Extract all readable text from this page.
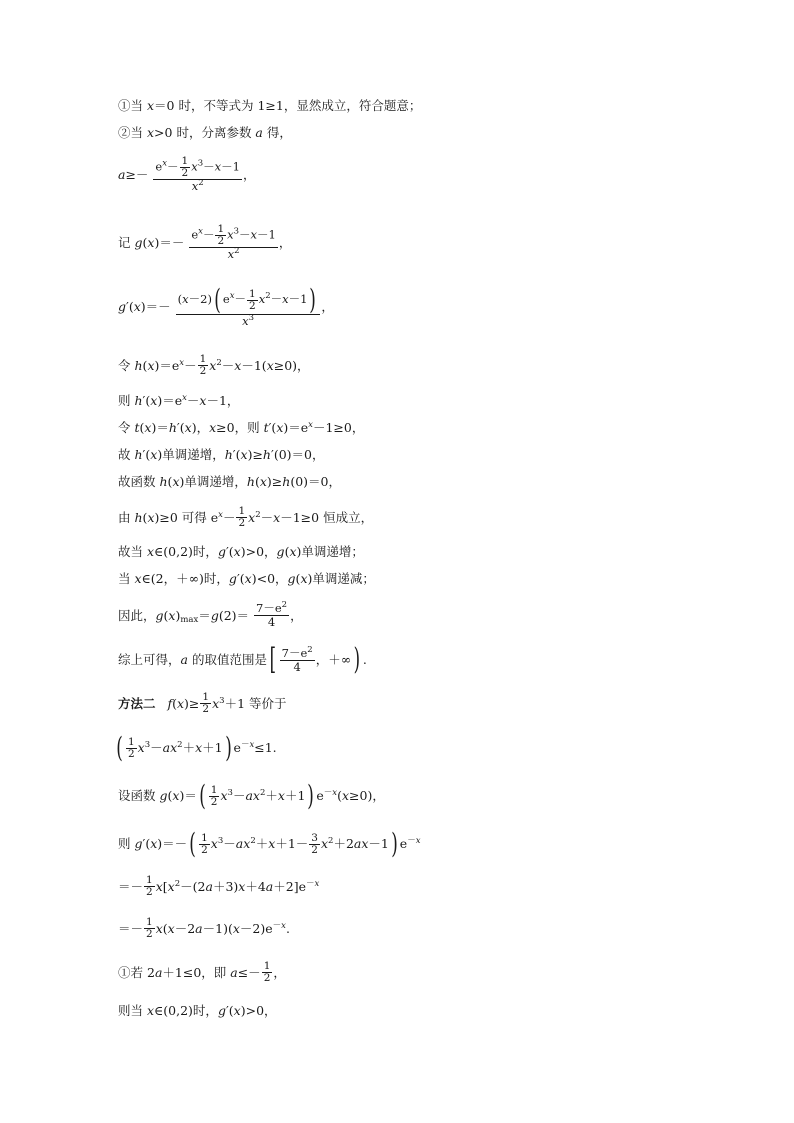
①当 x＝0 时，不等式为 1≥1，显然成立，符合题意；
②当 x>0 时，分离参数 a 得，
$a\ge- \frac{e^x- \frac{1}{2} x^3-x-1}{x^2}$ ，
记 $g(x)=- \frac{e^x- \frac{1}{2} x^3-x-1}{x^2}$ ，
$g'(x)=- \frac{(x-2)( e^x- \frac{1}{2} x^2-x-1)}{x^3}$ ，
令 $h(x)=e^x- \frac{1}{2} x^2-x-1(x\ge 0)$，
则 $h'(x)=e^x-x-1$，
令 t(x)＝h′(x)，x≥0，则 $t'(x)=e^x-1\ge 0$，
故 h′(x)单调递增，h′(x)≥h′(0)＝0，
故函数 h(x)单调递增，h(x)≥h(0)＝0，
由 h(x)≥0 可得 $e^x- \frac{1}{2} x^2-x-1\ge 0$ 恒成立，
故当 x∈(0,2)时，g′(x)>0，g(x)单调递增；
当 x∈(2，＋∞)时，g′(x)<0，g(x)单调递减；
因此，$g(x)_{max}=g(2)= \frac{7-e^2}{4}$ ，
综上可得，a 的取值范围是[ $\frac{7-e^2}{4}$ ，＋∞) .
方法二 $f(x)\ge \frac{1}{2} x^3+1$ 等价于
( $\frac{1}{2} x^3-ax^2+x+1$) $e^{-x}\le 1$.
设函数 $g(x)=( \frac{1}{2} x^3-ax^2+x+1)$ $e^{-x}(x\ge 0)$，
则 $g'(x)=-( \frac{1}{2} x^3-ax^2+x+1- \frac{3}{2} x^2+2ax-1)$ $e^{-x}$
＝－ $\frac{1}{2} x[x^2-(2a+3)x+4a+2]e^{-x}$
＝－ $\frac{1}{2} x(x-2a-1)(x-2)e^{-x}$.
①若 2a＋1≤0，即 $a\le- \frac{1}{2}$ ，
则当 x∈(0,2)时，g′(x)>0，
